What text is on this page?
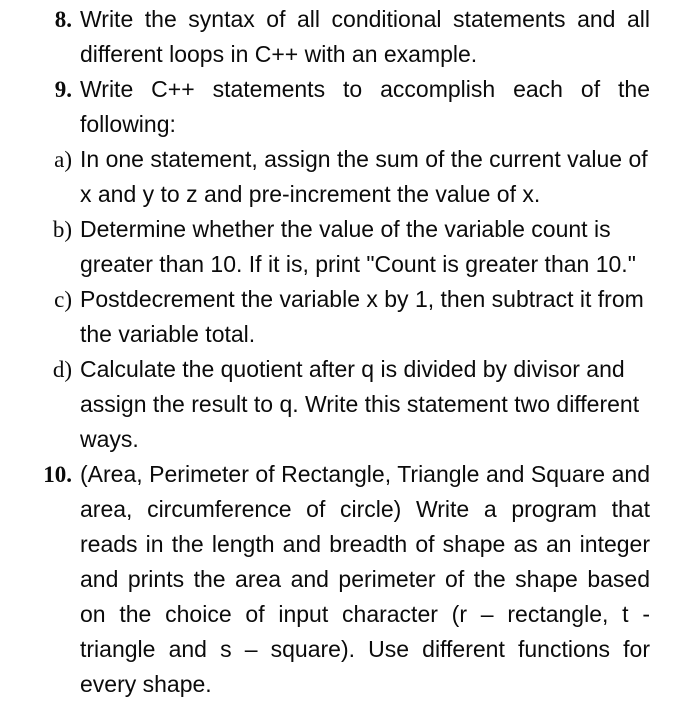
8. Write the syntax of all conditional statements and all different loops in C++ with an example.
9. Write C++ statements to accomplish each of the following:
a) In one statement, assign the sum of the current value of x and y to z and pre-increment the value of x.
b) Determine whether the value of the variable count is greater than 10. If it is, print "Count is greater than 10."
c) Postdecrement the variable x by 1, then subtract it from the variable total.
d) Calculate the quotient after q is divided by divisor and assign the result to q. Write this statement two different ways.
10. (Area, Perimeter of Rectangle, Triangle and Square and area, circumference of circle) Write a program that reads in the length and breadth of shape as an integer and prints the area and perimeter of the shape based on the choice of input character (r – rectangle, t - triangle and s – square). Use different functions for every shape.
